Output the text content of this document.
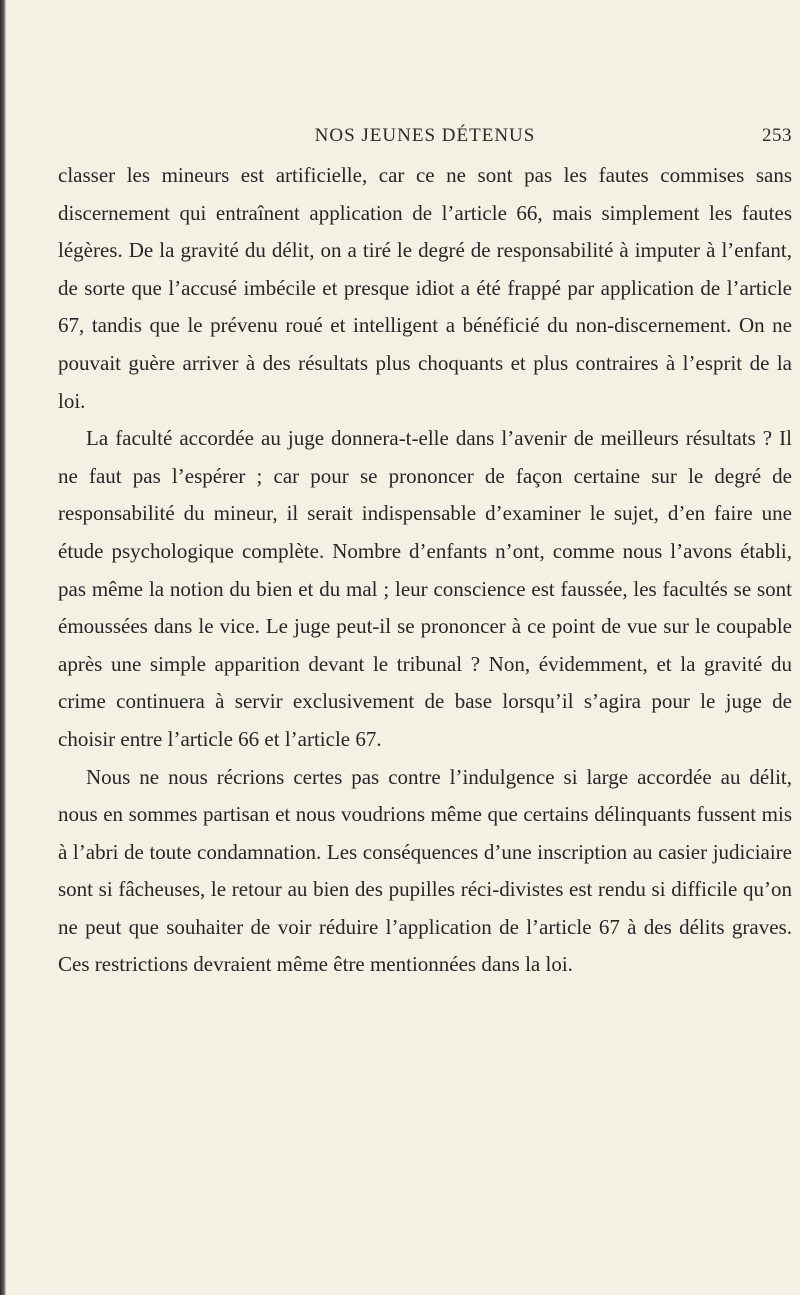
NOS JEUNES DÉTENUS	253

classer les mineurs est artificielle, car ce ne sont pas les fautes commises sans discernement qui entraînent application de l’article 66, mais simplement les fautes légères. De la gravité du délit, on a tiré le degré de responsabilité à imputer à l’enfant, de sorte que l’accusé imbécile et presque idiot a été frappé par application de l’article 67, tandis que le prévenu roué et intelligent a bénéficié du non-discernement. On ne pouvait guère arriver à des résultats plus choquants et plus contraires à l’esprit de la loi.

La faculté accordée au juge donnera-t-elle dans l’avenir de meilleurs résultats ? Il ne faut pas l’espérer ; car pour se prononcer de façon certaine sur le degré de responsabilité du mineur, il serait indispensable d’examiner le sujet, d’en faire une étude psychologique complète. Nombre d’enfants n’ont, comme nous l’avons établi, pas même la notion du bien et du mal ; leur conscience est faussée, les facultés se sont émoussées dans le vice. Le juge peut-il se prononcer à ce point de vue sur le coupable après une simple apparition devant le tribunal ? Non, évidemment, et la gravité du crime continuera à servir exclusivement de base lorsqu’il s’agira pour le juge de choisir entre l’article 66 et l’article 67.

Nous ne nous récrions certes pas contre l’indulgence si large accordée au délit, nous en sommes partisan et nous voudrions même que certains délinquants fussent mis à l’abri de toute condamnation. Les conséquences d’une inscription au casier judiciaire sont si fâcheuses, le retour au bien des pupilles réci-divistes est rendu si difficile qu’on ne peut que souhaiter de voir réduire l’application de l’article 67 à des délits graves. Ces restrictions devraient même être mentionnées dans la loi.
